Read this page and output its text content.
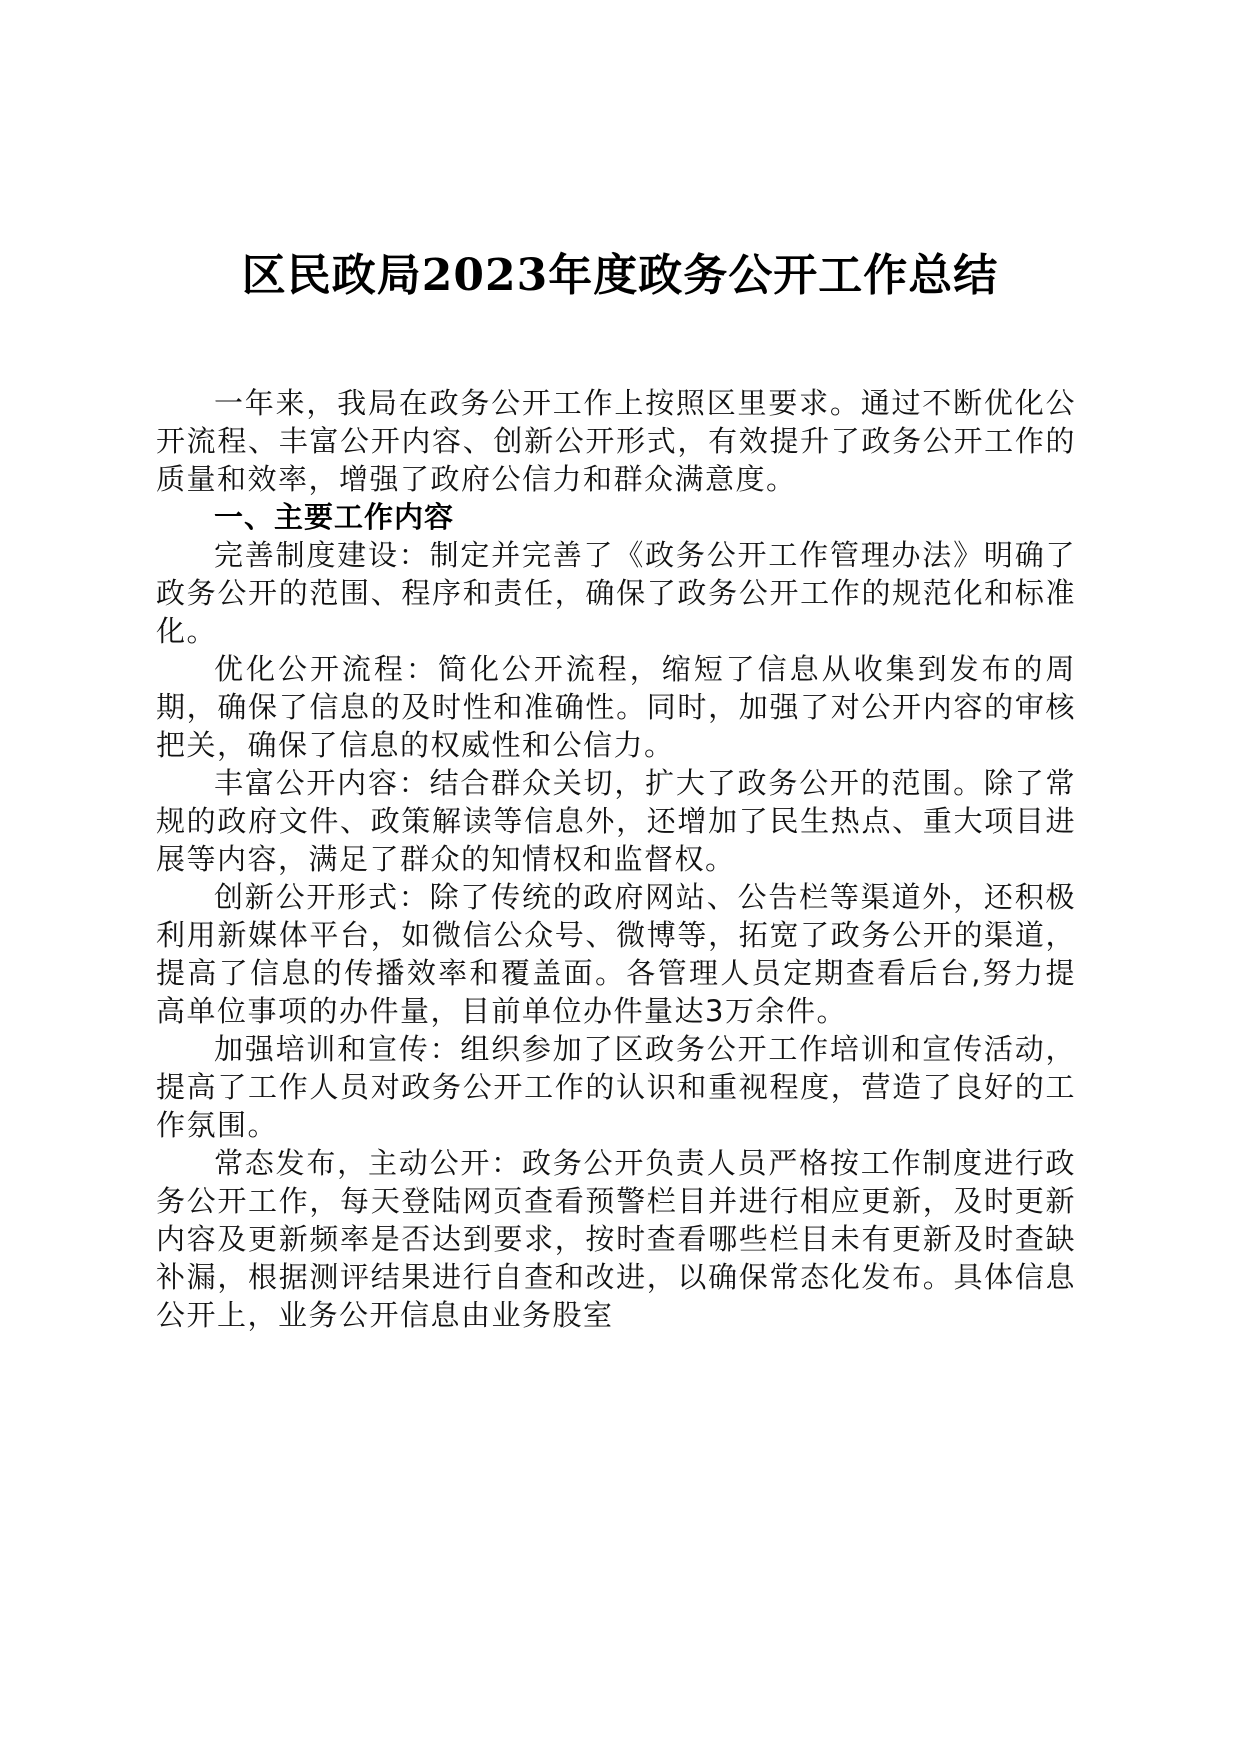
区民政局2023年度政务公开工作总结

一年来，我局在政务公开工作上按照区里要求。通过不断优化公开流程、丰富公开内容、创新公开形式，有效提升了政务公开工作的质量和效率，增强了政府公信力和群众满意度。

一、主要工作内容

完善制度建设：制定并完善了《政务公开工作管理办法》明确了政务公开的范围、程序和责任，确保了政务公开工作的规范化和标准化。

优化公开流程：简化公开流程，缩短了信息从收集到发布的周期，确保了信息的及时性和准确性。同时，加强了对公开内容的审核把关，确保了信息的权威性和公信力。

丰富公开内容：结合群众关切，扩大了政务公开的范围。除了常规的政府文件、政策解读等信息外，还增加了民生热点、重大项目进展等内容，满足了群众的知情权和监督权。

创新公开形式：除了传统的政府网站、公告栏等渠道外，还积极利用新媒体平台，如微信公众号、微博等，拓宽了政务公开的渠道，提高了信息的传播效率和覆盖面。各管理人员定期查看后台,努力提高单位事项的办件量，目前单位办件量达3万余件。

加强培训和宣传：组织参加了区政务公开工作培训和宣传活动，提高了工作人员对政务公开工作的认识和重视程度，营造了良好的工作氛围。

常态发布，主动公开：政务公开负责人员严格按工作制度进行政务公开工作，每天登陆网页查看预警栏目并进行相应更新，及时更新内容及更新频率是否达到要求，按时查看哪些栏目未有更新及时查缺补漏，根据测评结果进行自查和改进，以确保常态化发布。具体信息公开上，业务公开信息由业务股室
